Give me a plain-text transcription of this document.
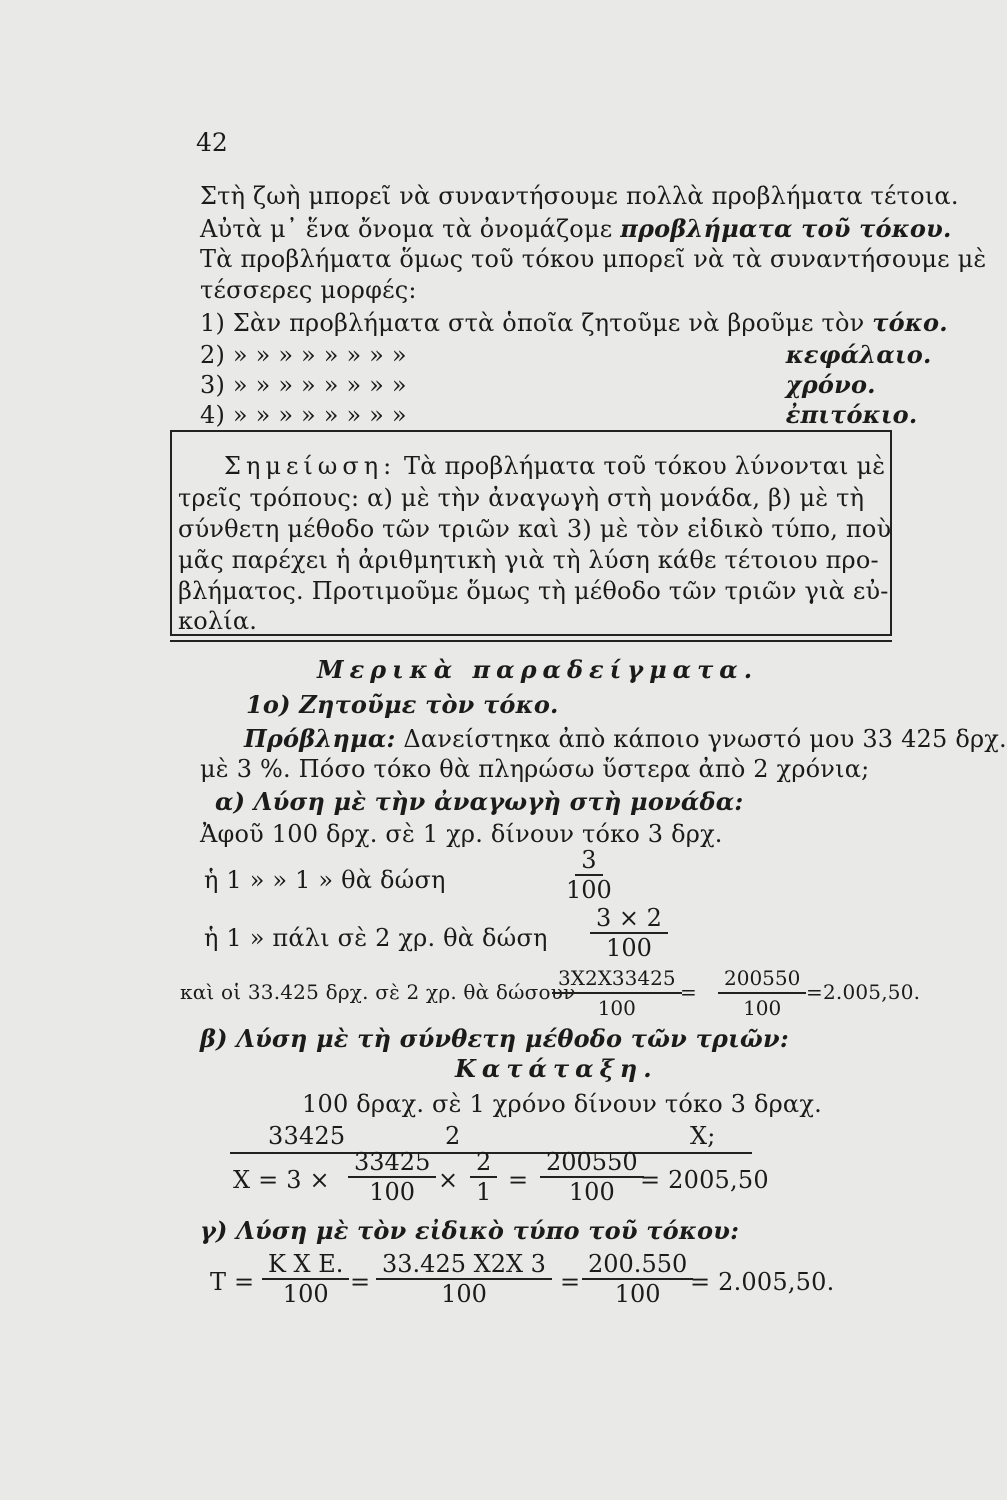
42
Στὴ ζωὴ μπορεῖ νὰ συναντήσουμε πολλὰ προβλήματα τέτοια.
Αὐτὰ μ᾽ ἕνα ὄνομα τὰ ὀνομάζομε προβλήματα τοῦ τόκου.
Τὰ προβλήματα ὅμως τοῦ τόκου μπορεῖ νὰ τὰ συναντήσουμε μὲ
τέσσερες μορφές:
1) Σὰν προβλήματα στὰ ὁποῖα ζητοῦμε νὰ βροῦμε τὸν τόκο.
2) » » » » » » » »	κεφάλαιο.
3) » » » » » » » »	χρόνο.
4) » » » » » » » »	ἐπιτόκιο.
Σημείωση: Τὰ προβλήματα τοῦ τόκου λύνονται μὲ
τρεῖς τρόπους: α) μὲ τὴν ἀναγωγὴ στὴ μονάδα, β) μὲ τὴ
σύνθετη μέθοδο τῶν τριῶν καὶ 3) μὲ τὸν εἰδικὸ τύπο, ποὺ
μᾶς παρέχει ἡ ἀριθμητικὴ γιὰ τὴ λύση κάθε τέτοιου προ-
βλήματος. Προτιμοῦμε ὅμως τὴ μέθοδο τῶν τριῶν γιὰ εὐ-
κολία.
Μερικὰ παραδείγματα.
1ο) Ζητοῦμε τὸν τόκο.
Πρόβλημα: Δανείστηκα ἀπὸ κάποιο γνωστό μου 33 425 δρχ.
μὲ 3 %. Πόσο τόκο θὰ πληρώσω ὕστερα ἀπὸ 2 χρόνια;
α) Λύση μὲ τὴν ἀναγωγὴ στὴ μονάδα:
Ἀφοῦ 100 δρχ. σὲ 1 χρ. δίνουν τόκο 3 δρχ.
ἡ 1 » » 1 » θὰ δώση	$\frac{3}{100}$
ἡ 1 » πάλι σὲ 2 χρ. θὰ δώση $\frac{3 \times 2}{100}$
καὶ οἱ 33.425 δρχ. σὲ 2 χρ. θὰ δώσουν
$\frac{3X2X33425}{100}$
= $\frac{200550}{100} =2.005,50$.
β) Λύση μὲ τὴ σύνθετη μέθοδο τῶν τριῶν:
Κατάταξη.
100 δραχ. σὲ 1 χρόνο δίνουν τόκο 3 δραχ.
33425	2	Χ;
$X = 3 \times \frac{33425}{100} \times \frac{2}{1} = \frac{200550}{100}$
= 2005,50
γ) Λύση μὲ τὸν εἰδικὸ τύπο τοῦ τόκου:
$T = \frac{\text{Κ Χ Ε.}}{100} = \frac{33.425 X2X 3}{100} = \frac{200.550}{100}$
= 2.005,50.
